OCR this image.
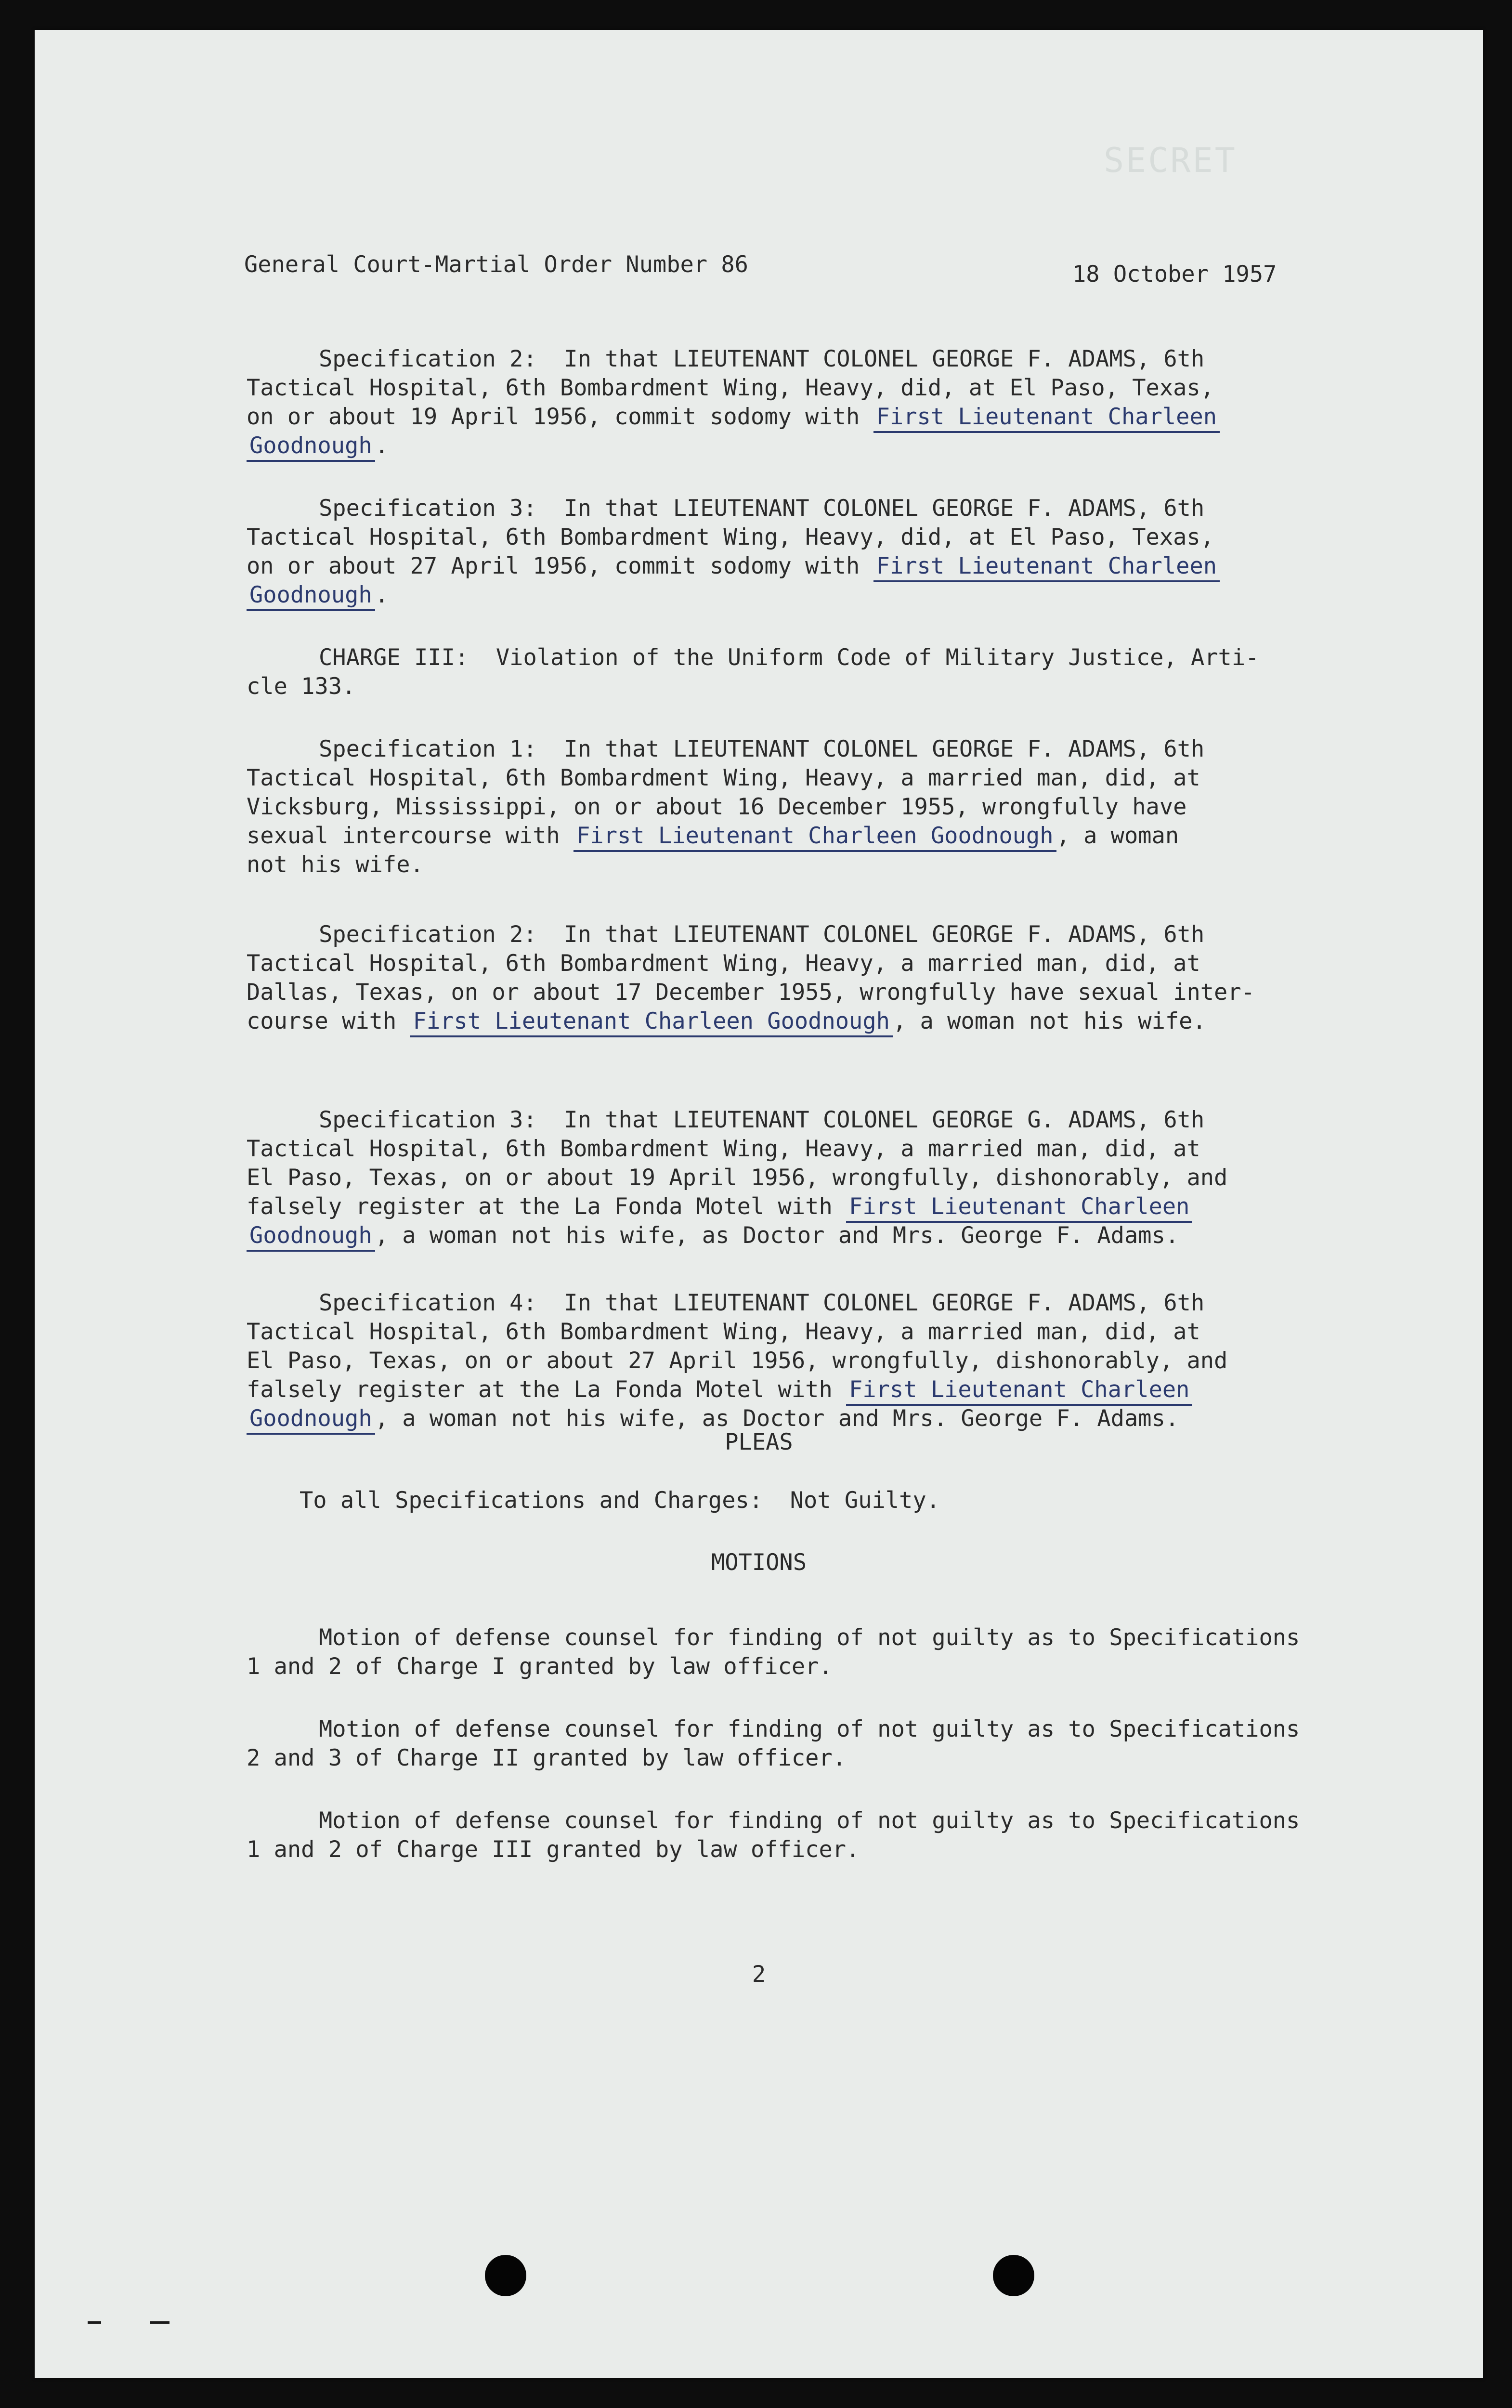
SECRET
General Court-Martial Order Number 86	18 October 1957
Specification 2:  In that LIEUTENANT COLONEL GEORGE F. ADAMS, 6th
Tactical Hospital, 6th Bombardment Wing, Heavy, did, at El Paso, Texas,
on or about 19 April 1956, commit sodomy with First Lieutenant Charleen
Goodnough .
Specification 3:  In that LIEUTENANT COLONEL GEORGE F. ADAMS, 6th
Tactical Hospital, 6th Bombardment Wing, Heavy, did, at El Paso, Texas,
on or about 27 April 1956, commit sodomy with First Lieutenant Charleen
Goodnough .
CHARGE III:  Violation of the Uniform Code of Military Justice, Arti-
cle 133.
Specification 1:  In that LIEUTENANT COLONEL GEORGE F. ADAMS, 6th
Tactical Hospital, 6th Bombardment Wing, Heavy, a married man, did, at
Vicksburg, Mississippi, on or about 16 December 1955, wrongfully have
sexual intercourse with First Lieutenant Charleen Goodnough , a woman
not his wife.
Specification 2:  In that LIEUTENANT COLONEL GEORGE F. ADAMS, 6th
Tactical Hospital, 6th Bombardment Wing, Heavy, a married man, did, at
Dallas, Texas, on or about 17 December 1955, wrongfully have sexual inter-
course with First Lieutenant Charleen Goodnough , a woman not his wife.
Specification 3:  In that LIEUTENANT COLONEL GEORGE G. ADAMS, 6th
Tactical Hospital, 6th Bombardment Wing, Heavy, a married man, did, at
El Paso, Texas, on or about 19 April 1956, wrongfully, dishonorably, and
falsely register at the La Fonda Motel with First Lieutenant Charleen
Goodnough , a woman not his wife, as Doctor and Mrs. George F. Adams.
Specification 4:  In that LIEUTENANT COLONEL GEORGE F. ADAMS, 6th
Tactical Hospital, 6th Bombardment Wing, Heavy, a married man, did, at
El Paso, Texas, on or about 27 April 1956, wrongfully, dishonorably, and
falsely register at the La Fonda Motel with First Lieutenant Charleen
Goodnough , a woman not his wife, as Doctor and Mrs. George F. Adams.
PLEAS
To all Specifications and Charges:  Not Guilty.
MOTIONS
Motion of defense counsel for finding of not guilty as to Specifications
1 and 2 of Charge I granted by law officer.
Motion of defense counsel for finding of not guilty as to Specifications
2 and 3 of Charge II granted by law officer.
Motion of defense counsel for finding of not guilty as to Specifications
1 and 2 of Charge III granted by law officer.
2
